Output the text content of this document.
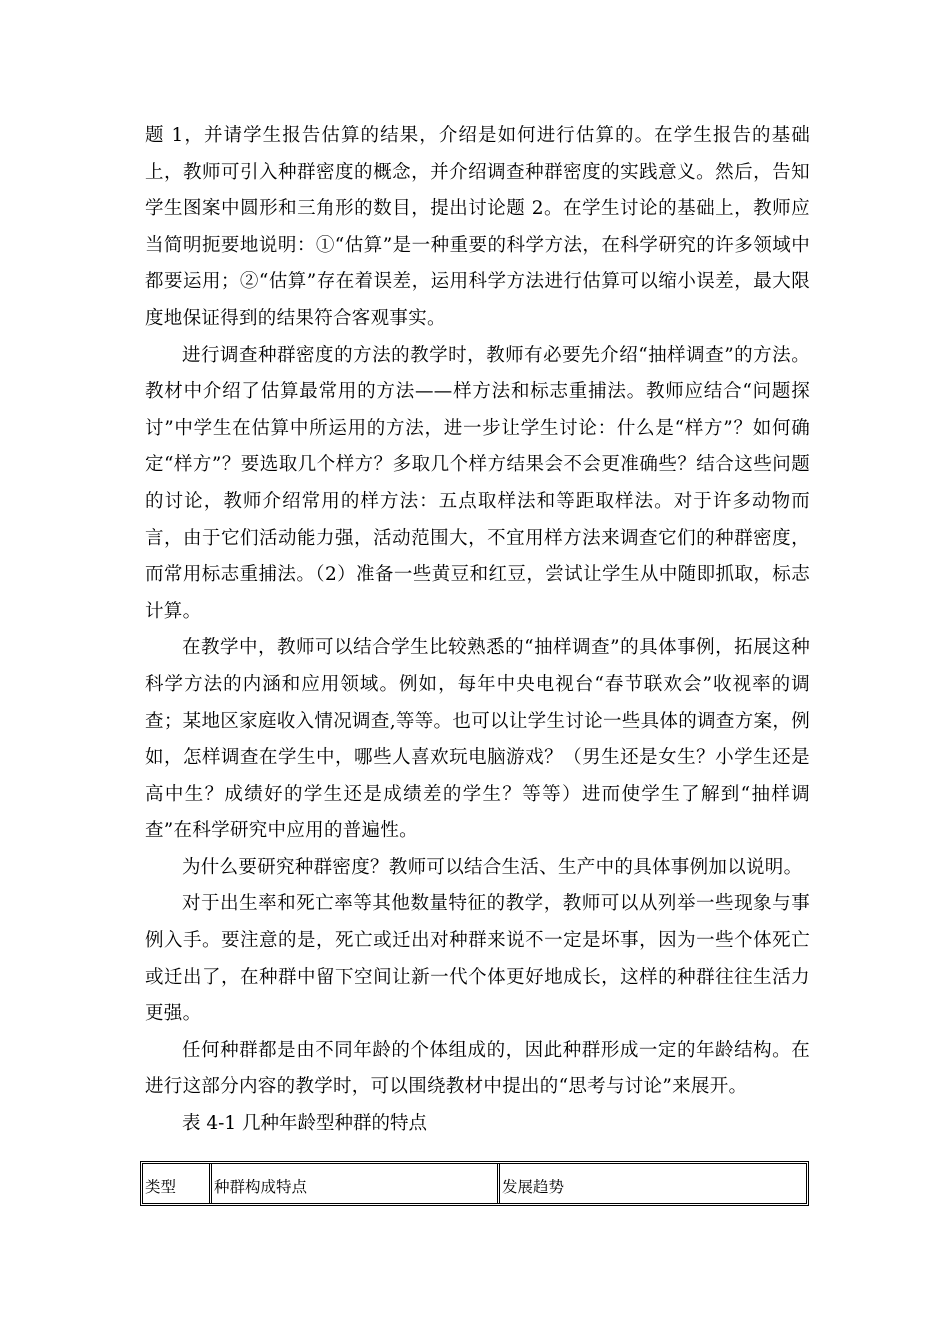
题 1，并请学生报告估算的结果，介绍是如何进行估算的。在学生报告的基础上，教师可引入种群密度的概念，并介绍调查种群密度的实践意义。然后，告知学生图案中圆形和三角形的数目，提出讨论题 2。在学生讨论的基础上，教师应当简明扼要地说明：①“估算”是一种重要的科学方法，在科学研究的许多领域中都要运用；②“估算”存在着误差，运用科学方法进行估算可以缩小误差，最大限度地保证得到的结果符合客观事实。

进行调查种群密度的方法的教学时，教师有必要先介绍“抽样调查”的方法。教材中介绍了估算最常用的方法——样方法和标志重捕法。教师应结合“问题探讨”中学生在估算中所运用的方法，进一步让学生讨论：什么是“样方”？如何确定“样方”？要选取几个样方？多取几个样方结果会不会更准确些？结合这些问题的讨论，教师介绍常用的样方法：五点取样法和等距取样法。对于许多动物而言，由于它们活动能力强，活动范围大，不宜用样方法来调查它们的种群密度，而常用标志重捕法。（2）准备一些黄豆和红豆，尝试让学生从中随即抓取，标志计算。

在教学中，教师可以结合学生比较熟悉的“抽样调查”的具体事例，拓展这种科学方法的内涵和应用领域。例如，每年中央电视台“春节联欢会”收视率的调查；某地区家庭收入情况调查,等等。也可以让学生讨论一些具体的调查方案，例如，怎样调查在学生中，哪些人喜欢玩电脑游戏？（男生还是女生？小学生还是高中生？成绩好的学生还是成绩差的学生？等等）进而使学生了解到“抽样调查”在科学研究中应用的普遍性。

为什么要研究种群密度？教师可以结合生活、生产中的具体事例加以说明。

对于出生率和死亡率等其他数量特征的教学，教师可以从列举一些现象与事例入手。要注意的是，死亡或迁出对种群来说不一定是坏事，因为一些个体死亡或迁出了，在种群中留下空间让新一代个体更好地成长，这样的种群往往生活力更强。

任何种群都是由不同年龄的个体组成的，因此种群形成一定的年龄结构。在进行这部分内容的教学时，可以围绕教材中提出的“思考与讨论”来展开。

表 4-1 几种年龄型种群的特点

类型	种群构成特点	发展趋势
